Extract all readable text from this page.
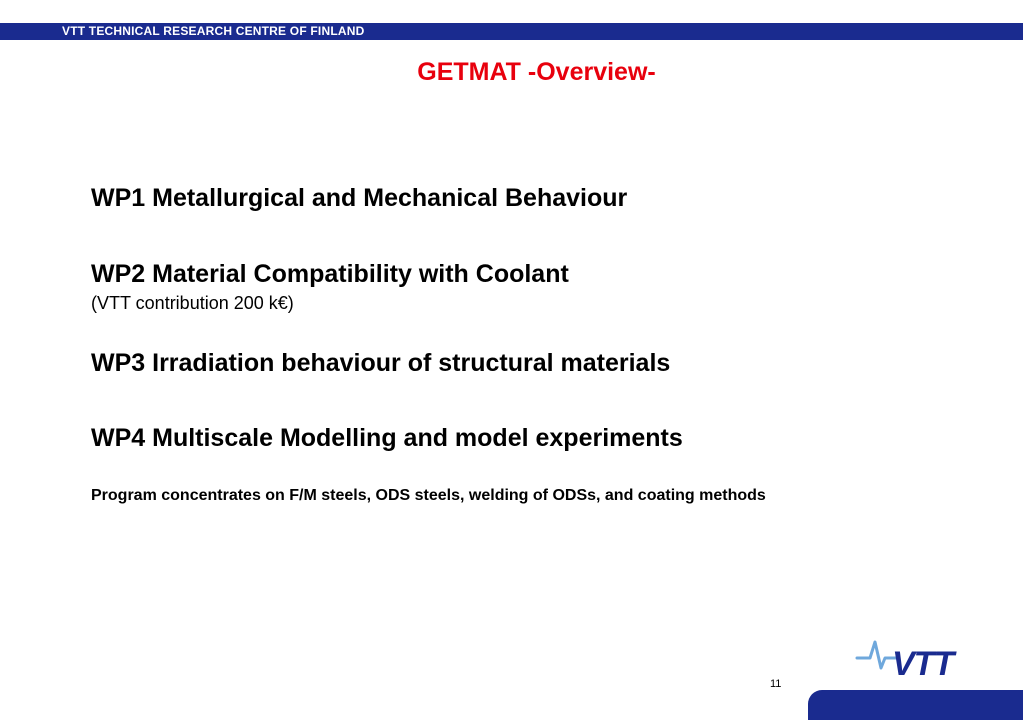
VTT TECHNICAL RESEARCH CENTRE OF FINLAND
GETMAT -Overview-
WP1 Metallurgical and Mechanical Behaviour
WP2 Material Compatibility with Coolant
(VTT contribution 200 k€)
WP3 Irradiation behaviour of structural materials
WP4 Multiscale Modelling and model experiments
Program concentrates on F/M steels, ODS steels, welding of ODSs, and coating methods
11
VTT
